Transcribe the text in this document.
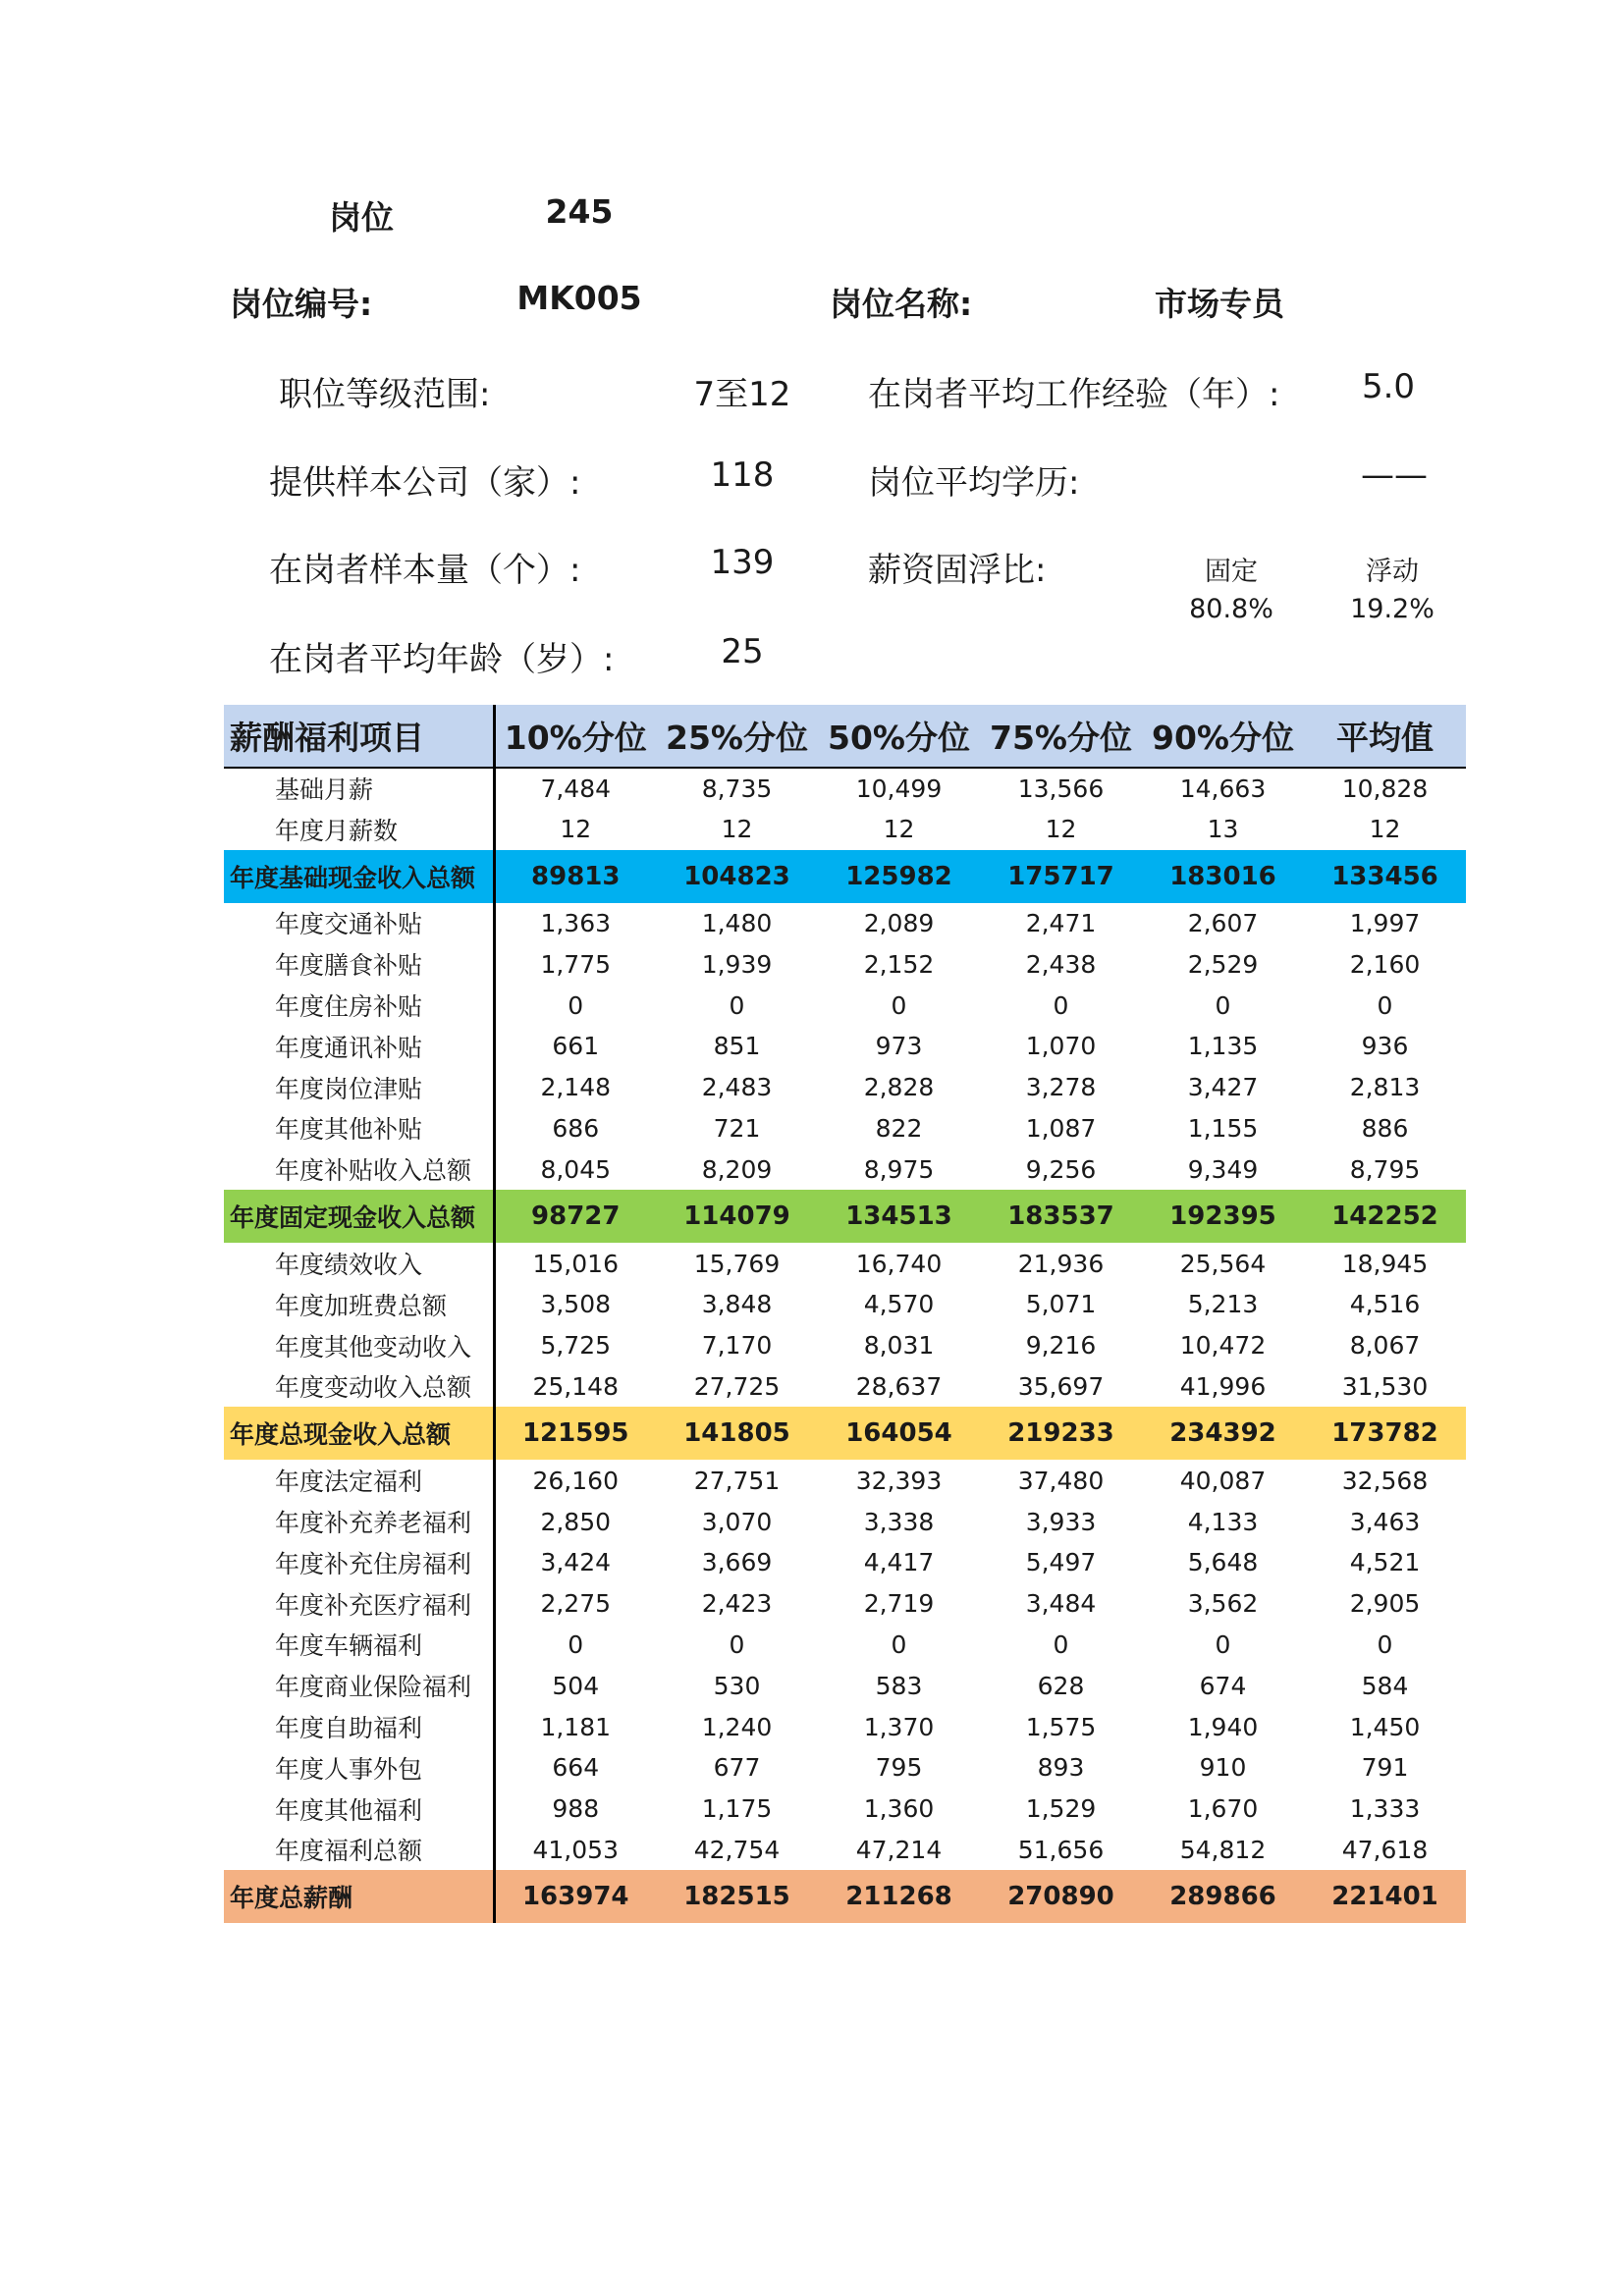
岗位	245
岗位编号:	MK005	岗位名称:	市场专员
职位等级范围:	7至12 在岗者平均工作经验（年）: 5.0
提供样本公司（家）:	118	岗位平均学历:	——
在岗者样本量（个）:	139	薪资固浮比:	固定	浮动
80.8%	19.2%
在岗者平均年龄（岁）:	25
薪酬福利项目	10%分位	25%分位	50%分位	75%分位	90%分位	平均值
基础月薪	7,484	8,735	10,499	13,566	14,663	10,828
年度月薪数	12	12	12	12	13	12
年度基础现金收入总额	89813	104823	125982	175717	183016	133456
年度交通补贴	1,363	1,480	2,089	2,471	2,607	1,997
年度膳食补贴	1,775	1,939	2,152	2,438	2,529	2,160
年度住房补贴	0	0	0	0	0	0
年度通讯补贴	661	851	973	1,070	1,135	936
年度岗位津贴	2,148	2,483	2,828	3,278	3,427	2,813
年度其他补贴	686	721	822	1,087	1,155	886
年度补贴收入总额	8,045	8,209	8,975	9,256	9,349	8,795
年度固定现金收入总额	98727	114079	134513	183537	192395	142252
年度绩效收入	15,016	15,769	16,740	21,936	25,564	18,945
年度加班费总额	3,508	3,848	4,570	5,071	5,213	4,516
年度其他变动收入	5,725	7,170	8,031	9,216	10,472	8,067
年度变动收入总额	25,148	27,725	28,637	35,697	41,996	31,530
年度总现金收入总额	121595	141805	164054	219233	234392	173782
年度法定福利	26,160	27,751	32,393	37,480	40,087	32,568
年度补充养老福利	2,850	3,070	3,338	3,933	4,133	3,463
年度补充住房福利	3,424	3,669	4,417	5,497	5,648	4,521
年度补充医疗福利	2,275	2,423	2,719	3,484	3,562	2,905
年度车辆福利	0	0	0	0	0	0
年度商业保险福利	504	530	583	628	674	584
年度自助福利	1,181	1,240	1,370	1,575	1,940	1,450
年度人事外包	664	677	795	893	910	791
年度其他福利	988	1,175	1,360	1,529	1,670	1,333
年度福利总额	41,053	42,754	47,214	51,656	54,812	47,618
年度总薪酬	163974	182515	211268	270890	289866	221401
